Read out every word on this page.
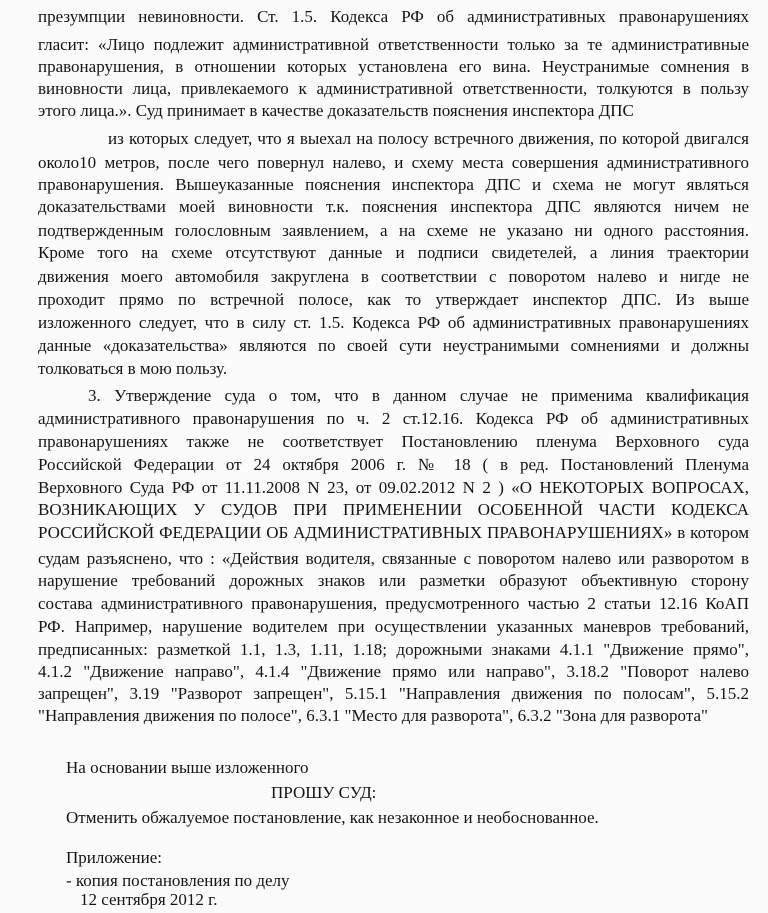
презумпции невиновности. Ст. 1.5. Кодекса РФ об административных правонарушениях

гласит: «Лицо подлежит административной ответственности только за те административные

правонарушения, в отношении которых установлена его вина. Неустранимые сомнения в

виновности лица, привлекаемого к административной ответственности, толкуются в пользу

этого лица.». Суд принимает в качестве доказательств пояснения инспектора ДПС

из которых следует, что я выехал на полосу встречного движения, по которой двигался

около10 метров, после чего повернул налево, и схему места совершения административного

правонарушения. Вышеуказанные пояснения инспектора ДПС и схема не могут являться

доказательствами моей виновности т.к. пояснения инспектора ДПС являются ничем не

подтвержденным голословным заявлением, а на схеме не указано ни одного расстояния.

Кроме того на схеме отсутствуют данные и подписи свидетелей, а линия траектории

движения моего автомобиля закруглена в соответствии с поворотом налево и нигде не

проходит прямо по встречной полосе, как то утверждает инспектор ДПС. Из выше

изложенного следует, что в силу ст. 1.5. Кодекса РФ об административных правонарушениях

данные «доказательства» являются по своей сути неустранимыми сомнениями и должны

толковаться в мою пользу.

3. Утверждение суда о том, что в данном случае не применима квалификация

административного правонарушения по ч. 2 ст.12.16. Кодекса РФ об административных

правонарушениях также не соответствует Постановлению пленума Верховного суда

Российской Федерации от 24 октября 2006 г. № 18 ( в ред. Постановлений Пленума

Верховного Суда РФ от 11.11.2008 N 23, от 09.02.2012 N 2 ) «О НЕКОТОРЫХ ВОПРОСАХ,

ВОЗНИКАЮЩИХ У СУДОВ ПРИ ПРИМЕНЕНИИ ОСОБЕННОЙ ЧАСТИ КОДЕКСА

РОССИЙСКОЙ ФЕДЕРАЦИИ ОБ АДМИНИСТРАТИВНЫХ ПРАВОНАРУШЕНИЯХ» в котором

судам разъяснено, что : «Действия водителя, связанные с поворотом налево или разворотом в

нарушение требований дорожных знаков или разметки образуют объективную сторону

состава административного правонарушения, предусмотренного частью 2 статьи 12.16 КоАП

РФ. Например, нарушение водителем при осуществлении указанных маневров требований,

предписанных: разметкой 1.1, 1.3, 1.11, 1.18; дорожными знаками 4.1.1 "Движение прямо",

4.1.2 "Движение направо", 4.1.4 "Движение прямо или направо", 3.18.2 "Поворот налево

запрещен", 3.19 "Разворот запрещен", 5.15.1 "Направления движения по полосам", 5.15.2

"Направления движения по полосе", 6.3.1 "Место для разворота", 6.3.2 "Зона для разворота"

На основании выше изложенного

ПРОШУ СУД:

Отменить обжалуемое постановление, как незаконное и необоснованное.

Приложение:

- копия постановления по делу

12 сентября 2012 г.
